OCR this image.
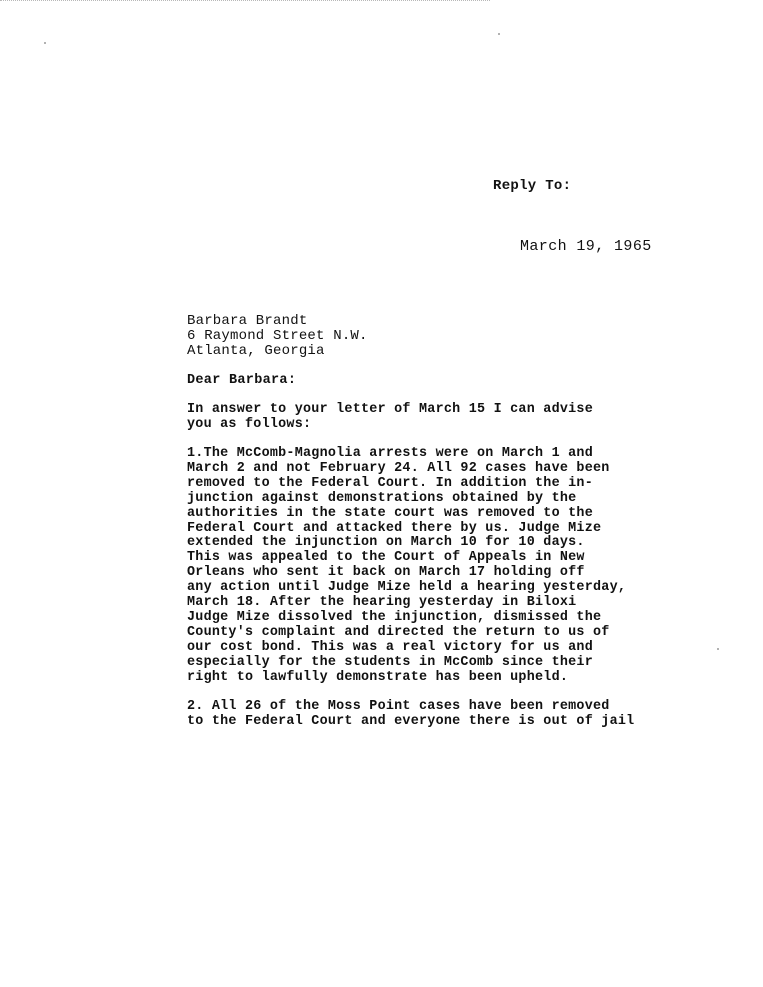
Reply To:
March 19, 1965
Barbara Brandt
6 Raymond Street N.W.
Atlanta, Georgia
Dear Barbara:
In answer to your letter of March 15 I can advise
you as follows:
1.The McComb-Magnolia arrests were on March 1 and
March 2 and not February 24. All 92 cases have been
removed to the Federal Court. In addition the in-
junction against demonstrations obtained by the
authorities in the state court was removed to the
Federal Court and attacked there by us. Judge Mize
extended the injunction on March 10 for 10 days.
This was appealed to the Court of Appeals in New
Orleans who sent it back on March 17 holding off
any action until Judge Mize held a hearing yesterday,
March 18. After the hearing yesterday in Biloxi
Judge Mize dissolved the injunction, dismissed the
County's complaint and directed the return to us of
our cost bond. This was a real victory for us and
especially for the students in McComb since their
right to lawfully demonstrate has been upheld.
2. All 26 of the Moss Point cases have been removed
to the Federal Court and everyone there is out of jail
